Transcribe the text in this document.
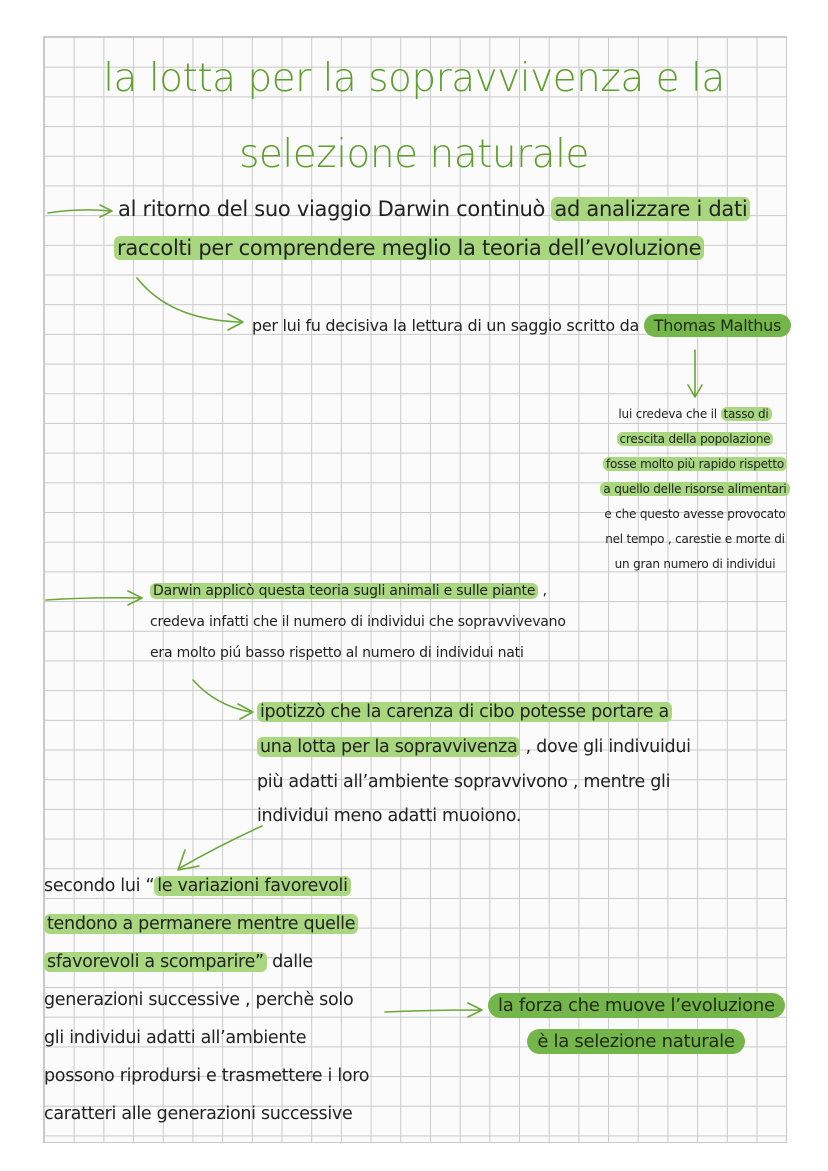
la lotta per la sopravvivenza e la
selezione naturale
al ritorno del suo viaggio Darwin continuò ad analizzare i dati
raccolti per comprendere meglio la teoria dell’evoluzione
per lui fu decisiva la lettura di un saggio scritto da Thomas Malthus
lui credeva che il tasso di
crescita della popolazione
fosse molto più rapido rispetto
a quello delle risorse alimentari
e che questo avesse provocato
nel tempo , carestie e morte di
un gran numero di individui
Darwin applicò questa teoria sugli animali e sulle piante ,
credeva infatti che il numero di individui che sopravvivevano
era molto piú basso rispetto al numero di individui nati
ipotizzò che la carenza di cibo potesse portare a
una lotta per la sopravvivenza , dove gli indivuidui
più adatti all’ambiente sopravvivono , mentre gli
individui meno adatti muoiono.
secondo lui “ le variazioni favorevoli
tendono a permanere mentre quelle
sfavorevoli a scomparire” dalle
generazioni successive , perchè solo
gli individui adatti all’ambiente
possono riprodursi e trasmettere i loro
caratteri alle generazioni successive
la forza che muove l’evoluzione
è la selezione naturale
